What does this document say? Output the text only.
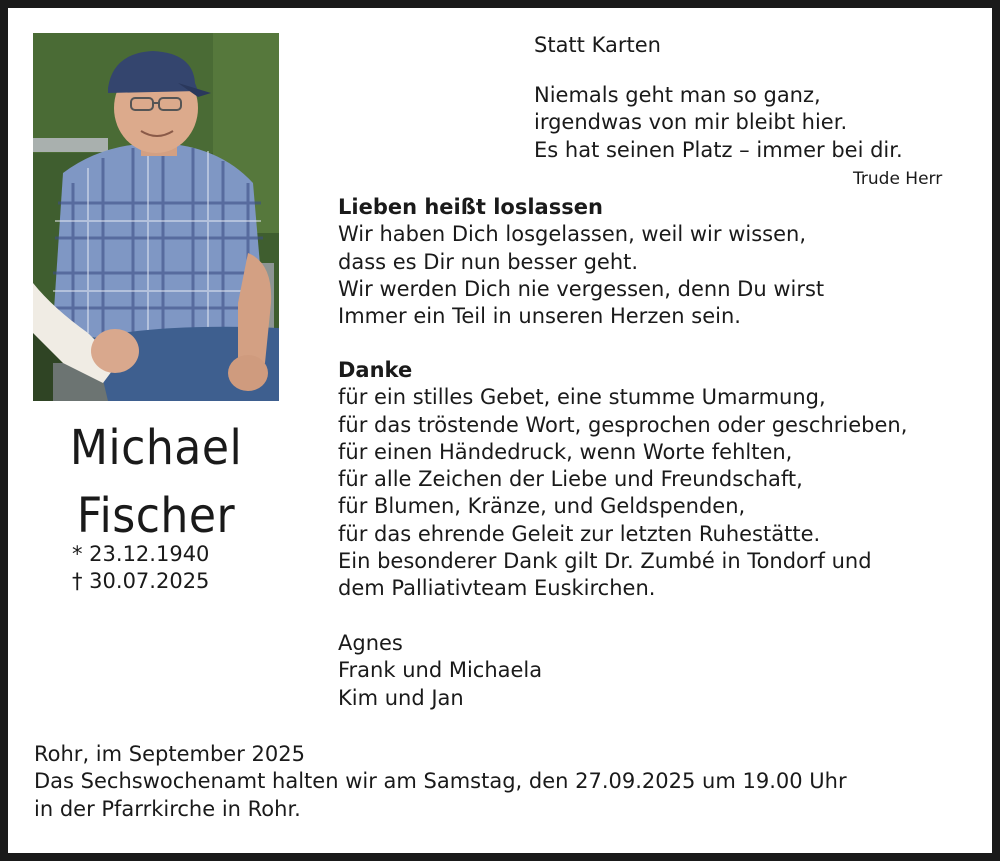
Michael
Fischer
* 23.12.1940
† 30.07.2025
Statt Karten
Niemals geht man so ganz,
irgendwas von mir bleibt hier.
Es hat seinen Platz – immer bei dir.
Trude Herr
Lieben heißt loslassen
Wir haben Dich losgelassen, weil wir wissen,
dass es Dir nun besser geht.
Wir werden Dich nie vergessen, denn Du wirst
Immer ein Teil in unseren Herzen sein.
Danke
für ein stilles Gebet, eine stumme Umarmung,
für das tröstende Wort, gesprochen oder geschrieben,
für einen Händedruck, wenn Worte fehlten,
für alle Zeichen der Liebe und Freundschaft,
für Blumen, Kränze, und Geldspenden,
für das ehrende Geleit zur letzten Ruhestätte.
Ein besonderer Dank gilt Dr. Zumbé in Tondorf und
dem Palliativteam Euskirchen.
Agnes
Frank und Michaela
Kim und Jan
Rohr, im September 2025
Das Sechswochenamt halten wir am Samstag, den 27.09.2025 um 19.00 Uhr
in der Pfarrkirche in Rohr.
